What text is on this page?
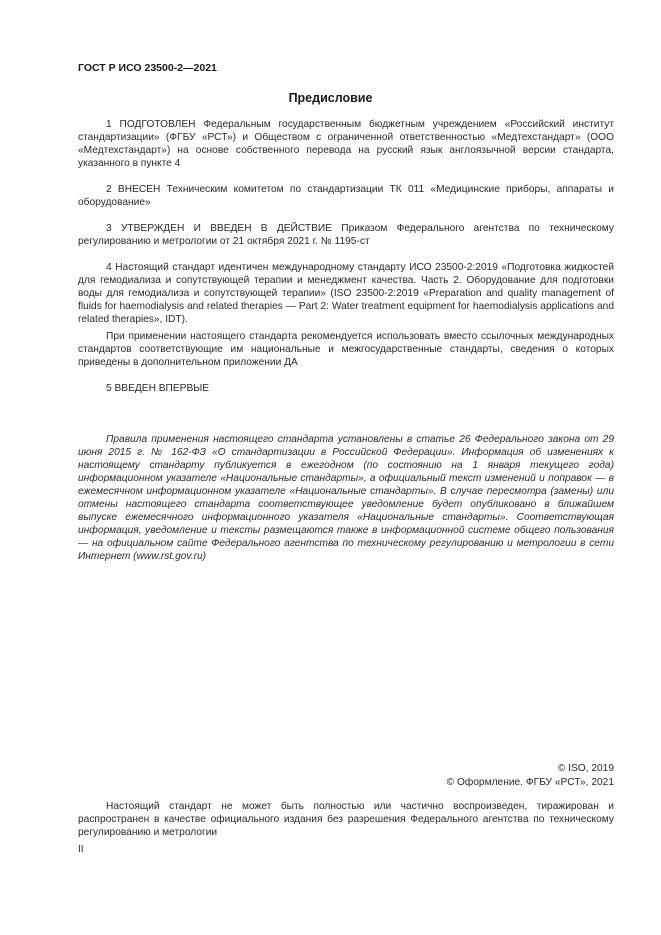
ГОСТ Р ИСО 23500-2—2021
Предисловие

1 ПОДГОТОВЛЕН Федеральным государственным бюджетным учреждением «Российский институт стандартизации» (ФГБУ «РСТ») и Обществом с ограниченной ответственностью «Медтехстандарт» (ООО «Медтехстандарт») на основе собственного перевода на русский язык англоязычной версии стандарта, указанного в пункте 4

2 ВНЕСЕН Техническим комитетом по стандартизации ТК 011 «Медицинские приборы, аппараты и оборудование»

3 УТВЕРЖДЕН И ВВЕДЕН В ДЕЙСТВИЕ Приказом Федерального агентства по техническому регулированию и метрологии от 21 октября 2021 г. № 1195-ст

4 Настоящий стандарт идентичен международному стандарту ИСО 23500-2:2019 «Подготовка жидкостей для гемодиализа и сопутствующей терапии и менеджмент качества. Часть 2. Оборудование для подготовки воды для гемодиализа и сопутствующей терапии» (ISO 23500-2:2019 «Preparation and quality management of fluids for haemodialysis and related therapies — Part 2: Water treatment equipment for haemodialysis applications and related therapies», IDT).

При применении настоящего стандарта рекомендуется использовать вместо ссылочных международных стандартов соответствующие им национальные и межгосударственные стандарты, сведения о которых приведены в дополнительном приложении ДА

5 ВВЕДЕН ВПЕРВЫЕ

Правила применения настоящего стандарта установлены в статье 26 Федерального закона от 29 июня 2015 г. № 162-ФЗ «О стандартизации в Российской Федерации». Информация об изменениях к настоящему стандарту публикуется в ежегодном (по состоянию на 1 января текущего года) информационном указателе «Национальные стандарты», а официальный текст изменений и поправок — в ежемесячном информационном указателе «Национальные стандарты». В случае пересмотра (замены) или отмены настоящего стандарта соответствующее уведомление будет опубликовано в ближайшем выпуске ежемесячного информационного указателя «Национальные стандарты». Соответствующая информация, уведомление и тексты размещаются также в информационной системе общего пользования — на официальном сайте Федерального агентства по техническому регулированию и метрологии в сети Интернет (www.rst.gov.ru)

© ISO, 2019
© Оформление. ФГБУ «РСТ», 2021

Настоящий стандарт не может быть полностью или частично воспроизведен, тиражирован и распространен в качестве официального издания без разрешения Федерального агентства по техническому регулированию и метрологии

II
